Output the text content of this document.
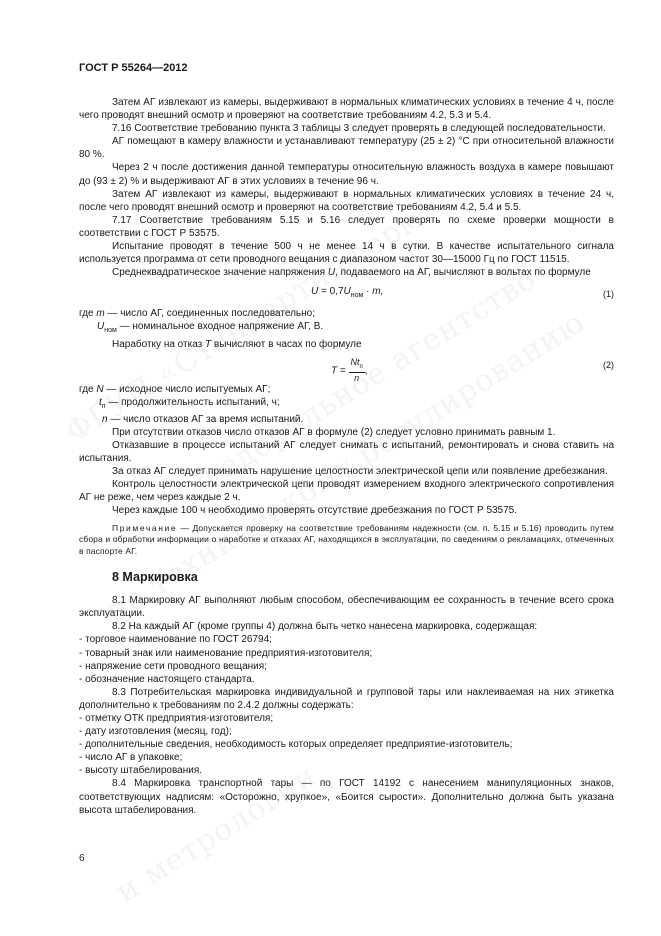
ГОСТ Р 55264—2012

Затем АГ извлекают из камеры, выдерживают в нормальных климатических условиях в течение 4 ч, после чего проводят внешний осмотр и проверяют на соответствие требованиям 4.2, 5.3 и 5.4.

7.16 Соответствие требованию пункта 3 таблицы 3 следует проверять в следующей последовательности.

АГ помещают в камеру влажности и устанавливают температуру (25 ± 2) °С при относительной влажности 80 %.

Через 2 ч после достижения данной температуры относительную влажность воздуха в камере повышают до (93 ± 2) % и выдерживают АГ в этих условиях в течение 96 ч.

Затем АГ извлекают из камеры, выдерживают в нормальных климатических условиях в течение 24 ч, после чего проводят внешний осмотр и проверяют на соответствие требованиям 4.2, 5.4 и 5.5.

7.17 Соответствие требованиям 5.15 и 5.16 следует проверять по схеме проверки мощности в соответствии с ГОСТ Р 53575.

Испытание проводят в течение 500 ч не менее 14 ч в сутки. В качестве испытательного сигнала используется программа от сети проводного вещания с диапазоном частот 30—15000 Гц по ГОСТ 11515.

Среднеквадратическое значение напряжения U, подаваемого на АГ, вычисляют в вольтах по формуле

$U = 0,7U_{ном} \cdot m$,	(1)

где m — число АГ, соединенных последовательно;

$U_{ном}$ — номинальное входное напряжение АГ, В.

Наработку на отказ T вычисляют в часах по формуле

$T = \frac{Nt_п}{n}$ ,
(2)

где N — исходное число испытуемых АГ;

$t_п$ — продолжительность испытаний, ч;

n — число отказов АГ за время испытаний.

При отсутствии отказов число отказов АГ в формуле (2) следует условно принимать равным 1.

Отказавшие в процессе испытаний АГ следует снимать с испытаний, ремонтировать и снова ставить на испытания.

За отказ АГ следует принимать нарушение целостности электрической цепи или появление дребезжания.

Контроль целостности электрической цепи проводят измерением входного электрического сопротивления АГ не реже, чем через каждые 2 ч.

Через каждые 100 ч необходимо проверять отсутствие дребезжания по ГОСТ Р 53575.

Примечание — Допускается проверку на соответствие требованиям надежности (см. п. 5.15 и 5.16) проводить путем сбора и обработки информации о наработке и отказах АГ, находящихся в эксплуатации, по сведениям о рекламациях, отмеченных в паспорте АГ.

8 Маркировка

8.1 Маркировку АГ выполняют любым способом, обеспечивающим ее сохранность в течение всего срока эксплуатации.

8.2 На каждый АГ (кроме группы 4) должна быть четко нанесена маркировка, содержащая:

- торговое наименование по ГОСТ 26794;

- товарный знак или наименование предприятия-изготовителя;

- напряжение сети проводного вещания;

- обозначение настоящего стандарта.

8.3 Потребительская маркировка индивидуальной и групповой тары или наклеиваемая на них этикетка дополнительно к требованиям по 2.4.2 должны содержать:

- отметку ОТК предприятия-изготовителя;

- дату изготовления (месяц, год);

- дополнительные сведения, необходимость которых определяет предприятие-изготовитель;

- число АГ в упаковке;

- высоту штабелирования.

8.4 Маркировка транспортной тары — по ГОСТ 14192 с нанесением манипуляционных знаков, соответствующих надписям: «Осторожно, хрупкое», «Боится сырости». Дополнительно должна быть указана высота штабелирования.

6
